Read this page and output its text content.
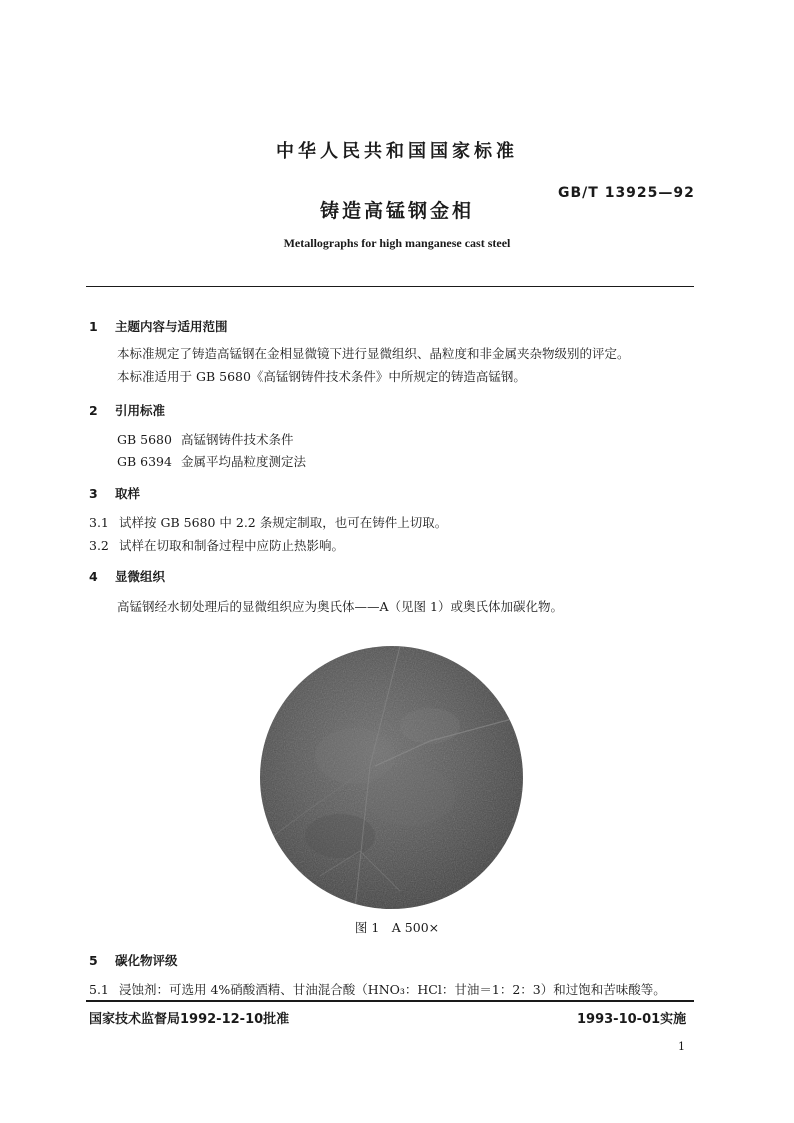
中华人民共和国国家标准
GB/T 13925—92
铸造高锰钢金相
Metallographs for high manganese cast steel
1 主题内容与适用范围
本标准规定了铸造高锰钢在金相显微镜下进行显微组织、晶粒度和非金属夹杂物级别的评定。
本标准适用于 GB 5680《高锰钢铸件技术条件》中所规定的铸造高锰钢。
2 引用标准
GB 5680 高锰钢铸件技术条件
GB 6394 金属平均晶粒度测定法
3 取样
3.1 试样按 GB 5680 中 2.2 条规定制取，也可在铸件上切取。
3.2 试样在切取和制备过程中应防止热影响。
4 显微组织
高锰钢经水韧处理后的显微组织应为奥氏体——A（见图 1）或奥氏体加碳化物。
图 1　A 500×
5 碳化物评级
5.1 浸蚀剂：可选用 4%硝酸酒精、甘油混合酸（HNO₃：HCl：甘油＝1：2：3）和过饱和苦味酸等。
国家技术监督局1992-12-10批准	1993-10-01实施
1
